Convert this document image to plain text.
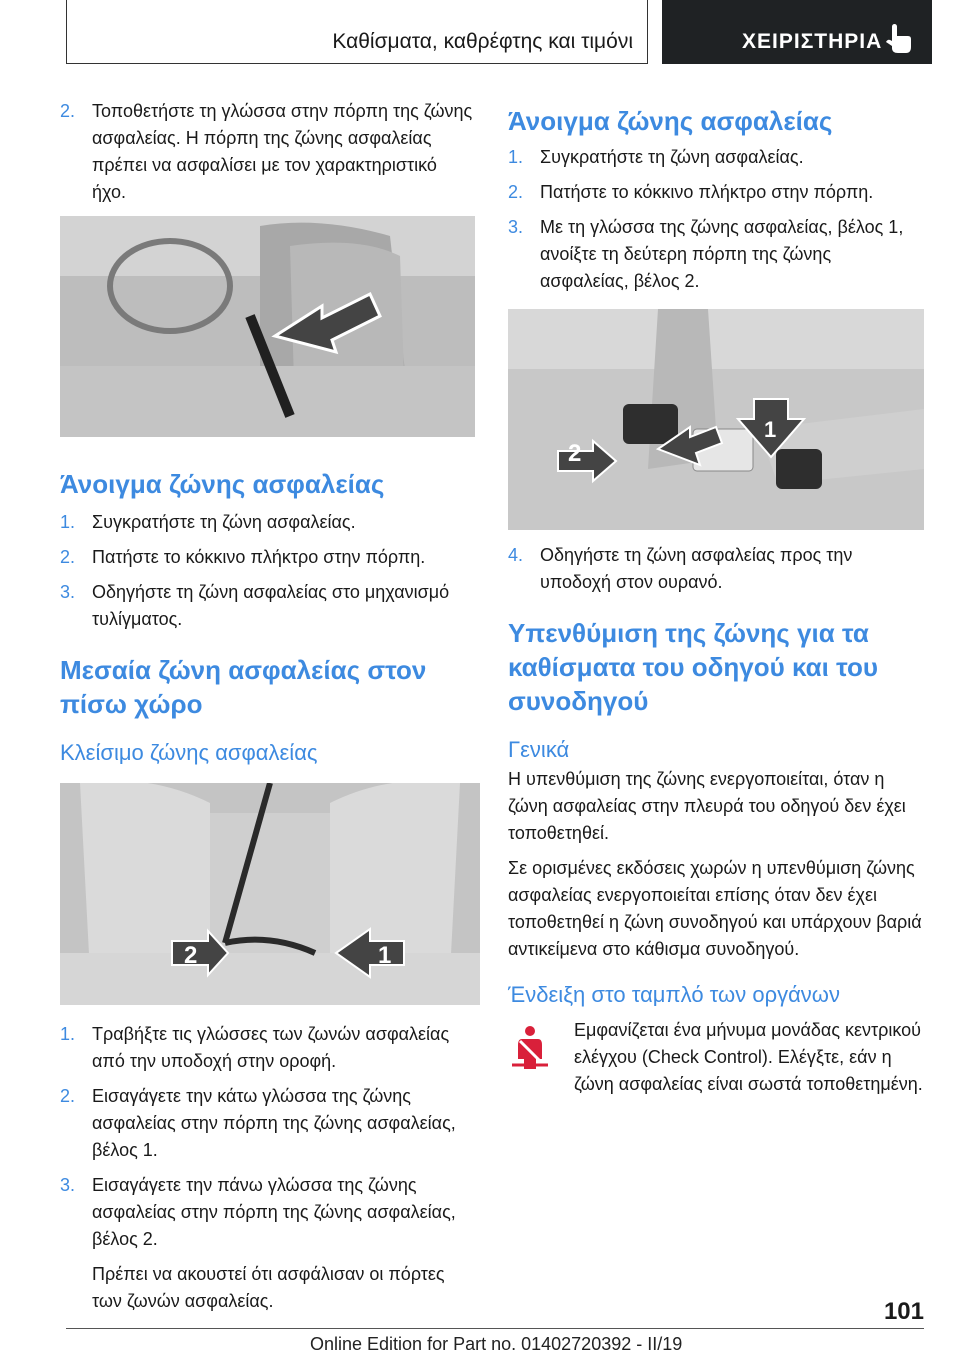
Καθίσματα, καθρέφτης και τιμόνι	ΧΕΙΡΙΣΤΗΡΙΑ
2. Τοποθετήστε τη γλώσσα στην πόρπη της ζώνης ασφαλείας. Η πόρπη της ζώνης ασφαλείας πρέπει να ασφαλίσει με τον χαρακτηριστικό ήχο.
Άνοιγμα ζώνης ασφαλείας
1. Συγκρατήστε τη ζώνη ασφαλείας.
2. Πατήστε το κόκκινο πλήκτρο στην πόρπη.
3. Οδηγήστε τη ζώνη ασφαλείας στο μηχανισμό τυλίγματος.
Μεσαία ζώνη ασφαλείας στον πίσω χώρο
Κλείσιμο ζώνης ασφαλείας
2	1
1. Τραβήξτε τις γλώσσες των ζωνών ασφαλείας από την υποδοχή στην οροφή.
2. Εισαγάγετε την κάτω γλώσσα της ζώνης ασφαλείας στην πόρπη της ζώνης ασφαλείας, βέλος 1.
3. Εισαγάγετε την πάνω γλώσσα της ζώνης ασφαλείας στην πόρπη της ζώνης ασφαλείας, βέλος 2.
Πρέπει να ακουστεί ότι ασφάλισαν οι πόρτες των ζωνών ασφαλείας.
Άνοιγμα ζώνης ασφαλείας
1. Συγκρατήστε τη ζώνη ασφαλείας.
2. Πατήστε το κόκκινο πλήκτρο στην πόρπη.
3. Με τη γλώσσα της ζώνης ασφαλείας, βέλος 1, ανοίξτε τη δεύτερη πόρπη της ζώνης ασφαλείας, βέλος 2.
2
1
4. Οδηγήστε τη ζώνη ασφαλείας προς την υποδοχή στον ουρανό.
Υπενθύμιση της ζώνης για τα καθίσματα του οδηγού και του συνοδηγού
Γενικά
Η υπενθύμιση της ζώνης ενεργοποιείται, όταν η ζώνη ασφαλείας στην πλευρά του οδηγού δεν έχει τοποθετηθεί.
Σε ορισμένες εκδόσεις χωρών η υπενθύμιση ζώνης ασφαλείας ενεργοποιείται επίσης όταν δεν έχει τοποθετηθεί η ζώνη συνοδηγού και υπάρχουν βαριά αντικείμενα στο κάθισμα συνοδηγού.
Ένδειξη στο ταμπλό των οργάνων
Εμφανίζεται ένα μήνυμα μονάδας κεντρικού ελέγχου (Check Control). Ελέγξτε, εάν η ζώνη ασφαλείας είναι σωστά τοποθετημένη.
101
Online Edition for Part no. 01402720392 - II/19
